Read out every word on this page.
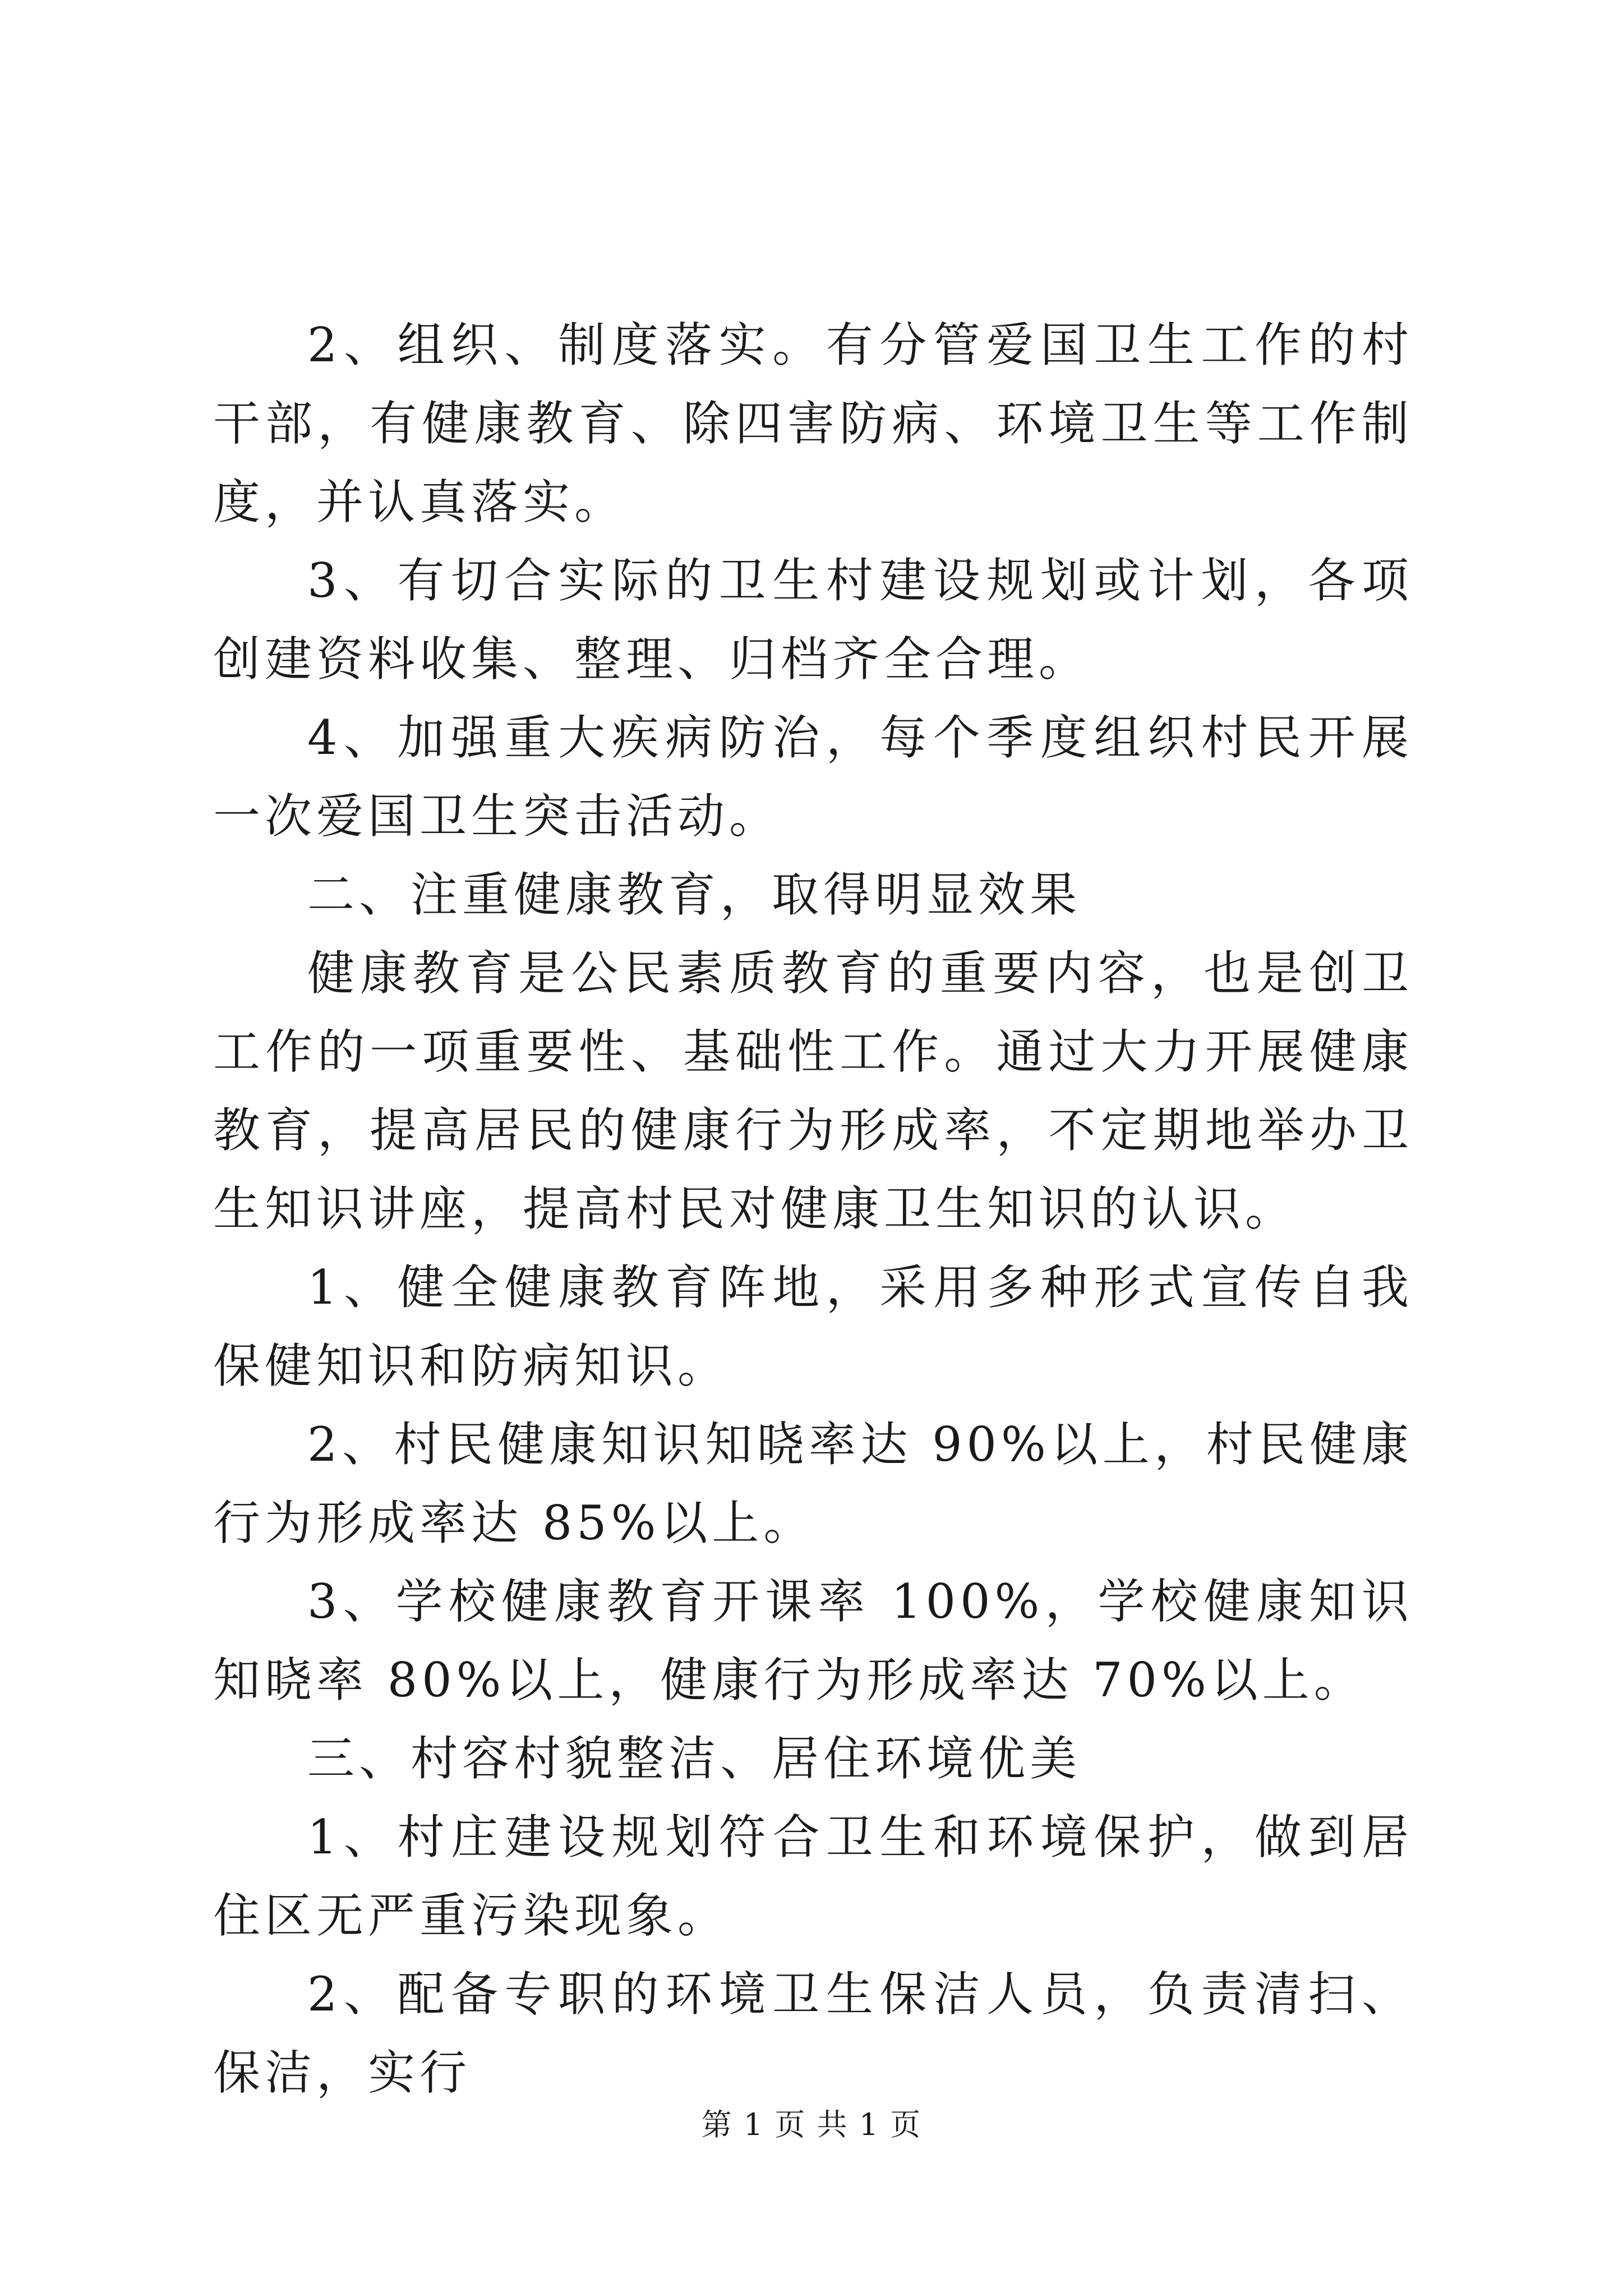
2、组织、制度落实。有分管爱国卫生工作的村干部，有健康教育、除四害防病、环境卫生等工作制度，并认真落实。

3、有切合实际的卫生村建设规划或计划，各项创建资料收集、整理、归档齐全合理。

4、加强重大疾病防治，每个季度组织村民开展一次爱国卫生突击活动。

二、注重健康教育，取得明显效果

健康教育是公民素质教育的重要内容，也是创卫工作的一项重要性、基础性工作。通过大力开展健康教育，提高居民的健康行为形成率，不定期地举办卫生知识讲座，提高村民对健康卫生知识的认识。

1、健全健康教育阵地，采用多种形式宣传自我保健知识和防病知识。

2、村民健康知识知晓率达 90%以上，村民健康行为形成率达 85%以上。

3、学校健康教育开课率 100%，学校健康知识知晓率 80%以上，健康行为形成率达 70%以上。

三、村容村貌整洁、居住环境优美

1、村庄建设规划符合卫生和环境保护，做到居住区无严重污染现象。

2、配备专职的环境卫生保洁人员，负责清扫、保洁，实行

第 1 页 共 1 页
